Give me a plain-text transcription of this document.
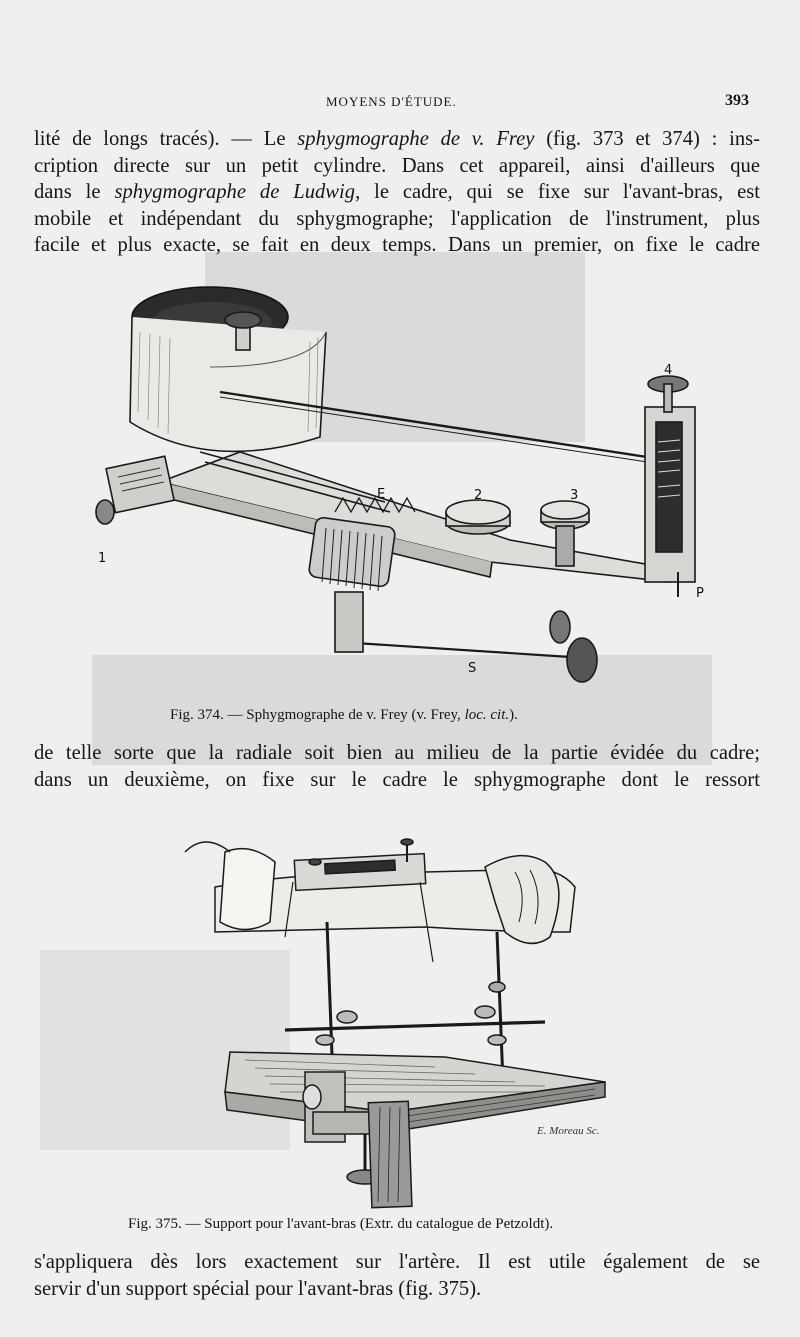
MOYENS D'ÉTUDE.	393
lité de longs tracés). — Le sphygmographe de v. Frey (fig. 373 et 374) : ins-
cription directe sur un petit cylindre. Dans cet appareil, ainsi d'ailleurs que
dans le sphygmographe de Ludwig, le cadre, qui se fixe sur l'avant-bras, est
mobile et indépendant du sphygmographe; l'application de l'instrument, plus
facile et plus exacte, se fait en deux temps. Dans un premier, on fixe le cadre
1
2	3
4
E
P
S
Fig. 374. — Sphygmographe de v. Frey (v. Frey, loc. cit.).
de telle sorte que la radiale soit bien au milieu de la partie évidée du cadre;
dans un deuxième, on fixe sur le cadre le sphygmographe dont le ressort
E. Moreau Sc.
Fig. 375. — Support pour l'avant-bras (Extr. du catalogue de Petzoldt).
s'appliquera dès lors exactement sur l'artère. Il est utile également de se
servir d'un support spécial pour l'avant-bras (fig. 375).
